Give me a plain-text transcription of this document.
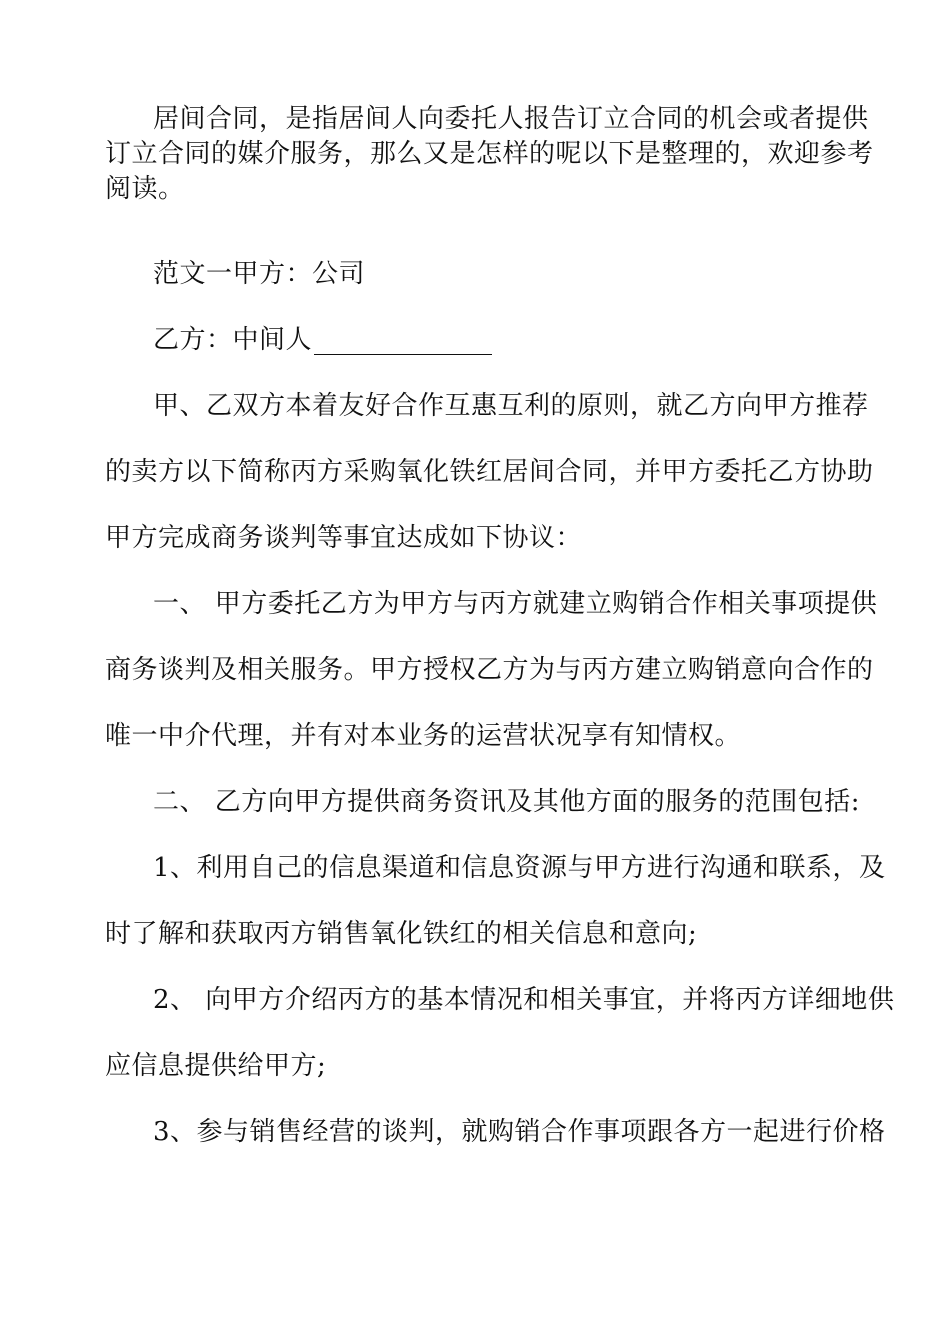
居间合同，是指居间人向委托人报告订立合同的机会或者提 供
订立合同的媒介服务，那么又是怎样的呢以下是整理的，欢迎 参考
阅读。
范文一甲方：公司
乙方：中间人
甲、乙双方本着友好合作互惠互利的原则，就乙方向甲方推 荐
的卖方以下简称丙方采购氧化铁红居间合同，并甲方委托乙方 协助
甲方完成商务谈判等事宜达成如下协议：
一、 甲方委托乙方为甲方与丙方就建立购销合作相关事项提 供
商务谈判及相关服务。甲方授权乙方为与丙方建立购销意向合 作的
唯一中介代理，并有对本业务的运营状况享有知情权。
二、 乙方向甲方提供商务资讯及其他方面的服务的范围包括:
1、利用自己的信息渠道和信息资源与甲方进行沟通和联系， 及
时了解和获取丙方销售氧化铁红的相关信息和意向;
2、 向甲方介绍丙方的基本情况和相关事宜，并将丙方详细地 供
应信息提供给甲方;
3、参与销售经营的谈判，就购销合作事项跟各方一起进行价 格
